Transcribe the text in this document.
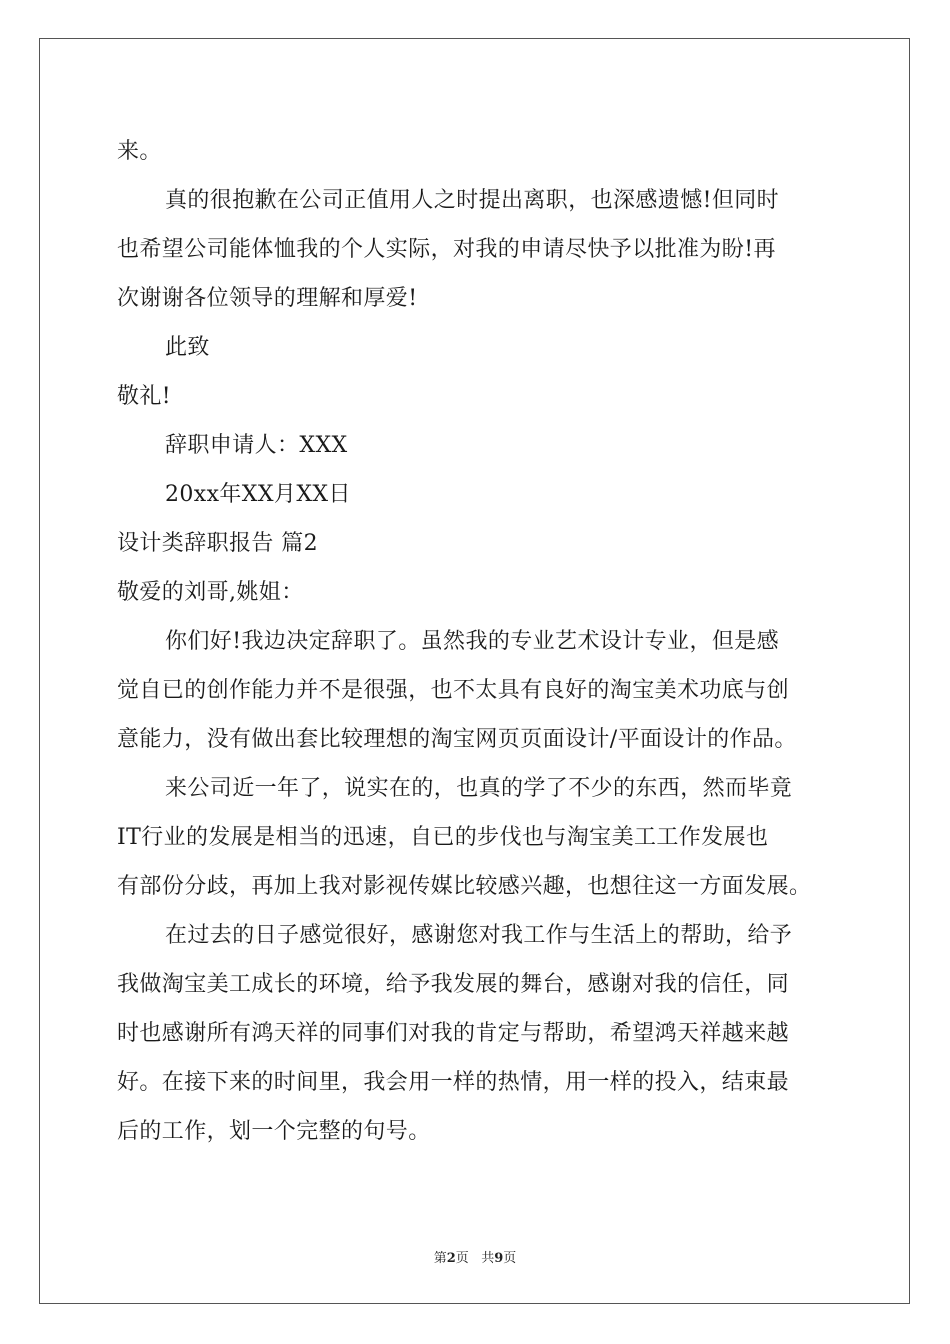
来。
真的很抱歉在公司正值用人之时提出离职，也深感遗憾!但同时
也希望公司能体恤我的个人实际，对我的申请尽快予以批准为盼!再
次谢谢各位领导的理解和厚爱!
此致
敬礼!
辞职申请人：XXX
20xx年XX月XX日
设计类辞职报告 篇2
敬爱的刘哥,姚姐：
你们好!我边决定辞职了。虽然我的专业艺术设计专业，但是感
觉自已的创作能力并不是很强，也不太具有良好的淘宝美术功底与创
意能力，没有做出套比较理想的淘宝网页页面设计/平面设计的作品。
来公司近一年了，说实在的，也真的学了不少的东西，然而毕竟
IT行业的发展是相当的迅速，自已的步伐也与淘宝美工工作发展也
有部份分歧，再加上我对影视传媒比较感兴趣，也想往这一方面发展。
在过去的日子感觉很好，感谢您对我工作与生活上的帮助，给予
我做淘宝美工成长的环境，给予我发展的舞台，感谢对我的信任，同
时也感谢所有鸿天祥的同事们对我的肯定与帮助，希望鸿天祥越来越
好。在接下来的时间里，我会用一样的热情，用一样的投入，结束最
后的工作，划一个完整的句号。
第2页 共9页
